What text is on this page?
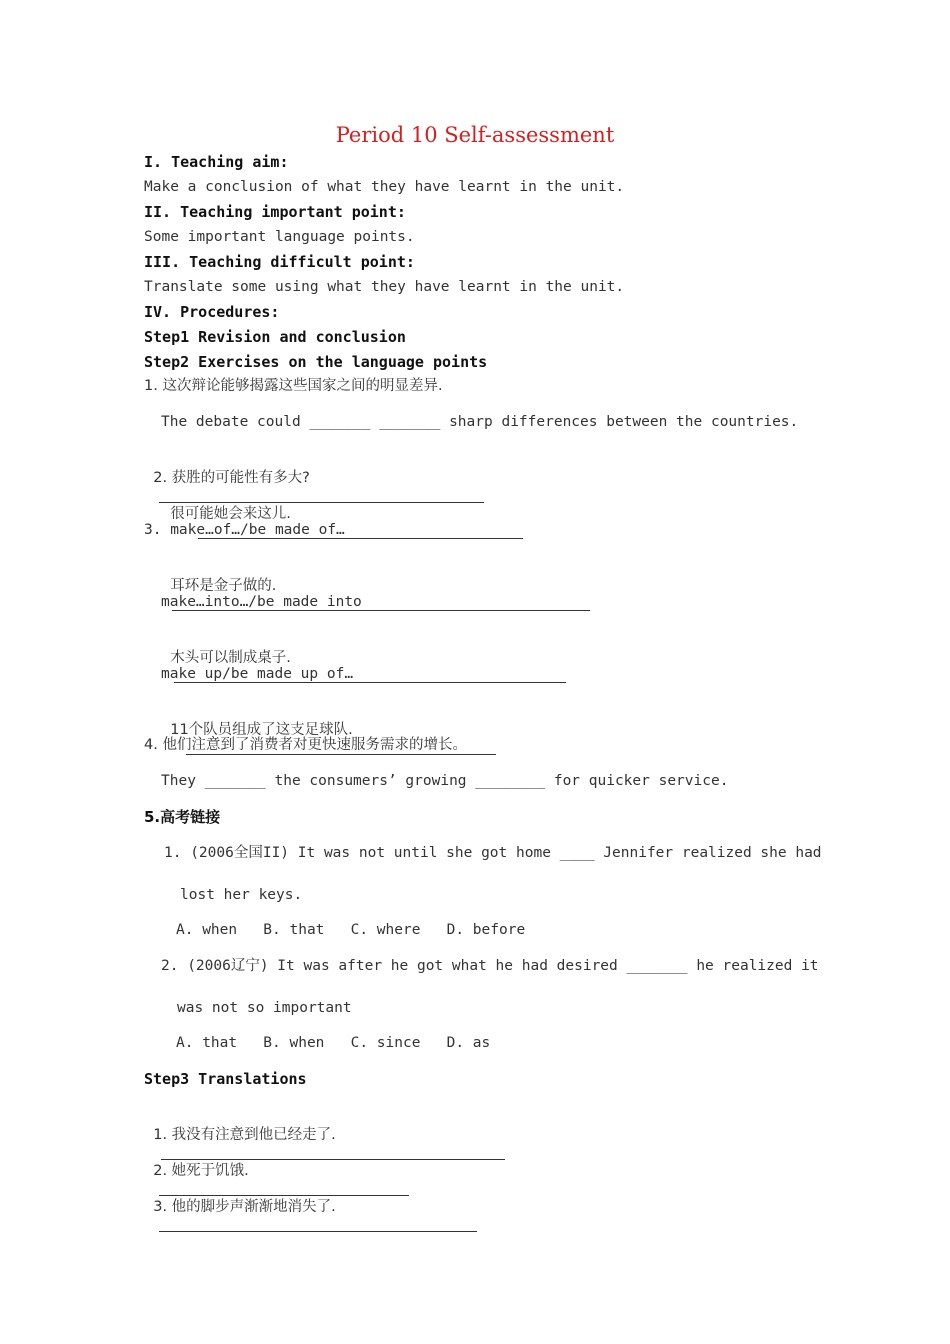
Period 10 Self-assessment
I. Teaching aim:
Make a conclusion of what they have learnt in the unit.
II. Teaching important point:
Some important language points.
III. Teaching difficult point:
Translate some using what they have learnt in the unit.
IV. Procedures:
Step1 Revision and conclusion
Step2 Exercises on the language points
1. 这次辩论能够揭露这些国家之间的明显差异.
The debate could _______ _______ sharp differences between the countries.

2. 获胜的可能性有多大?

很可能她会来这儿.

3. make…of…/be made of…

耳环是金子做的.

make…into…/be made into

木头可以制成桌子.

make up/be made up of…

11个队员组成了这支足球队.

4. 他们注意到了消费者对更快速服务需求的增长。
They _______ the consumers’ growing ________ for quicker service.
5.高考链接
1. (2006全国II) It was not until she got home ____ Jennifer realized she had
lost her keys.
A. when   B. that   C. where   D. before
2. (2006辽宁) It was after he got what he had desired _______ he realized it
was not so important
A. that   B. when   C. since   D. as
Step3 Translations

1. 我没有注意到他已经走了.

2. 她死于饥饿.

3. 他的脚步声渐渐地消失了.
